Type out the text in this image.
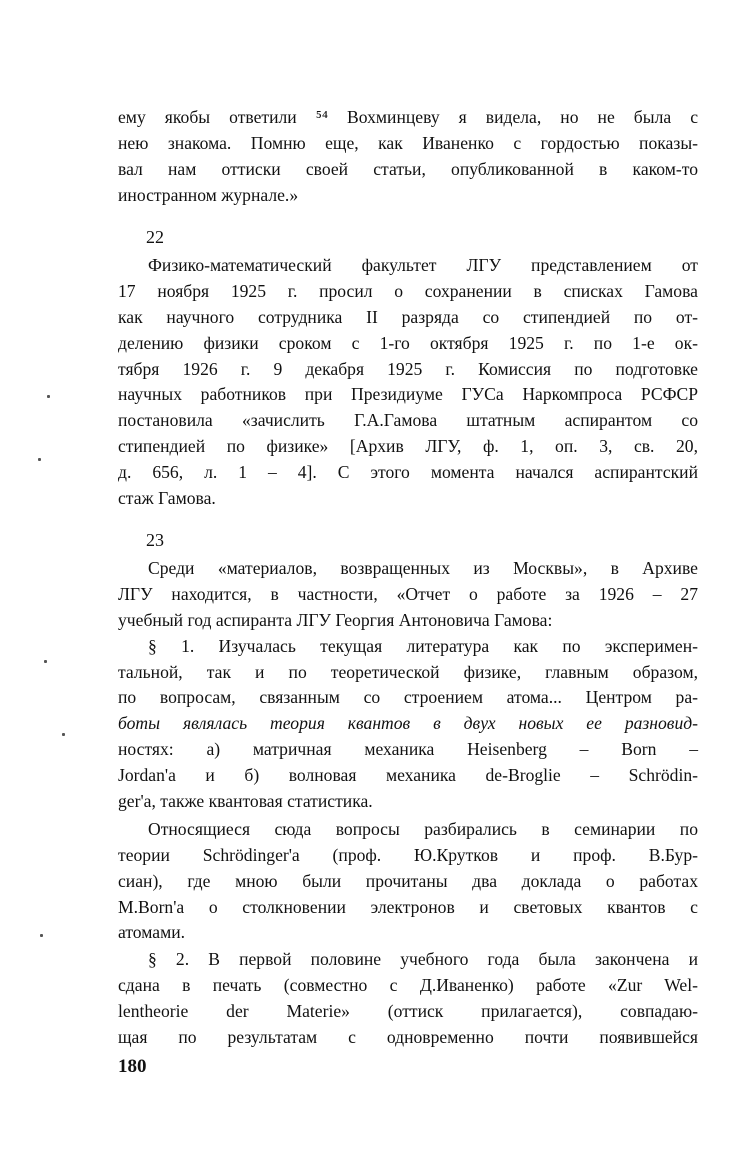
ему якобы ответили ⁵⁴ Вохминцеву я видела, но не была с
нею знакома. Помню еще, как Иваненко с гордостью показы-
вал нам оттиски своей статьи, опубликованной в каком-то
иностранном журнале.»
22
Физико-математический факультет ЛГУ представлением от
17 ноября 1925 г. просил о сохранении в списках Гамова
как научного сотрудника II разряда со стипендией по от-
делению физики сроком с 1-го октября 1925 г. по 1-е ок-
тября 1926 г. 9 декабря 1925 г. Комиссия по подготовке
научных работников при Президиуме ГУСа Наркомпроса РСФСР
постановила «зачислить Г.А.Гамова штатным аспирантом со
стипендией по физике» [Архив ЛГУ, ф. 1, оп. 3, св. 20,
д. 656, л. 1 – 4]. С этого момента начался аспирантский
стаж Гамова.
23
Среди «материалов, возвращенных из Москвы», в Архиве
ЛГУ находится, в частности, «Отчет о работе за 1926 – 27
учебный год аспиранта ЛГУ Георгия Антоновича Гамова:
§ 1. Изучалась текущая литература как по эксперимен-
тальной, так и по теоретической физике, главным образом,
по вопросам, связанным со строением атома... Центром ра-
боты являлась теория квантов в двух новых ее разновид-
ностях: а) матричная механика Heisenberg – Born –
Jordan'а и б) волновая механика de-Broglie – Schrödin-
ger'а, также квантовая статистика.
Относящиеся сюда вопросы разбирались в семинарии по
теории Schrödinger'а (проф. Ю.Крутков и проф. В.Бур-
сиан), где мною были прочитаны два доклада о работах
M.Born'а о столкновении электронов и световых квантов с
атомами.
§ 2. В первой половине учебного года была закончена и
сдана в печать (совместно с Д.Иваненко) работе «Zur Wel-
lentheorie der Materie» (оттиск прилагается), совпадаю-
щая по результатам с одновременно почти появившейся
180
